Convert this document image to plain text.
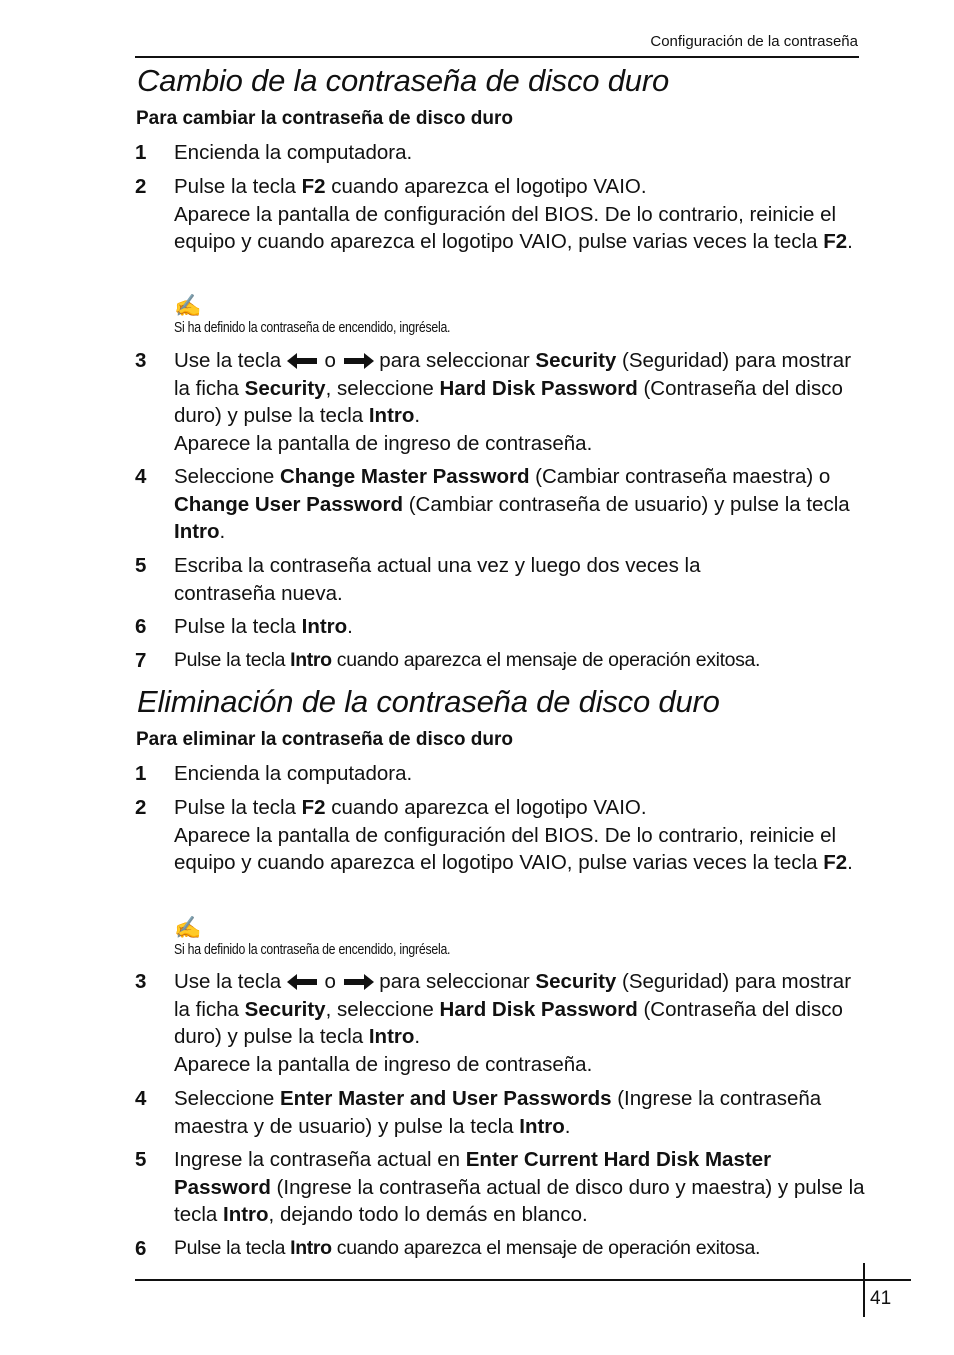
Configuración de la contraseña
Cambio de la contraseña de disco duro
Para cambiar la contraseña de disco duro
1	Encienda la computadora.
2	Pulse la tecla F2 cuando aparezca el logotipo VAIO.
Aparece la pantalla de configuración del BIOS. De lo contrario, reinicie el equipo y cuando aparezca el logotipo VAIO, pulse varias veces la tecla F2.
✍
Si ha definido la contraseña de encendido, ingrésela.
3	Use la tecla  o  para seleccionar Security (Seguridad) para mostrar la ficha Security, seleccione Hard Disk Password (Contraseña del disco duro) y pulse la tecla Intro.
Aparece la pantalla de ingreso de contraseña.
4	Seleccione Change Master Password (Cambiar contraseña maestra) o Change User Password (Cambiar contraseña de usuario) y pulse la tecla Intro.
5	Escriba la contraseña actual una vez y luego dos veces la contraseña nueva.
6	Pulse la tecla Intro.
7	Pulse la tecla Intro cuando aparezca el mensaje de operación exitosa.
Eliminación de la contraseña de disco duro
Para eliminar la contraseña de disco duro
1	Encienda la computadora.
2	Pulse la tecla F2 cuando aparezca el logotipo VAIO.
Aparece la pantalla de configuración del BIOS. De lo contrario, reinicie el equipo y cuando aparezca el logotipo VAIO, pulse varias veces la tecla F2.
✍
Si ha definido la contraseña de encendido, ingrésela.
3	Use la tecla  o  para seleccionar Security (Seguridad) para mostrar la ficha Security, seleccione Hard Disk Password (Contraseña del disco duro) y pulse la tecla Intro.
Aparece la pantalla de ingreso de contraseña.
4	Seleccione Enter Master and User Passwords (Ingrese la contraseña maestra y de usuario) y pulse la tecla Intro.
5	Ingrese la contraseña actual en Enter Current Hard Disk Master Password (Ingrese la contraseña actual de disco duro y maestra) y pulse la tecla Intro, dejando todo lo demás en blanco.
6	Pulse la tecla Intro cuando aparezca el mensaje de operación exitosa.
41
